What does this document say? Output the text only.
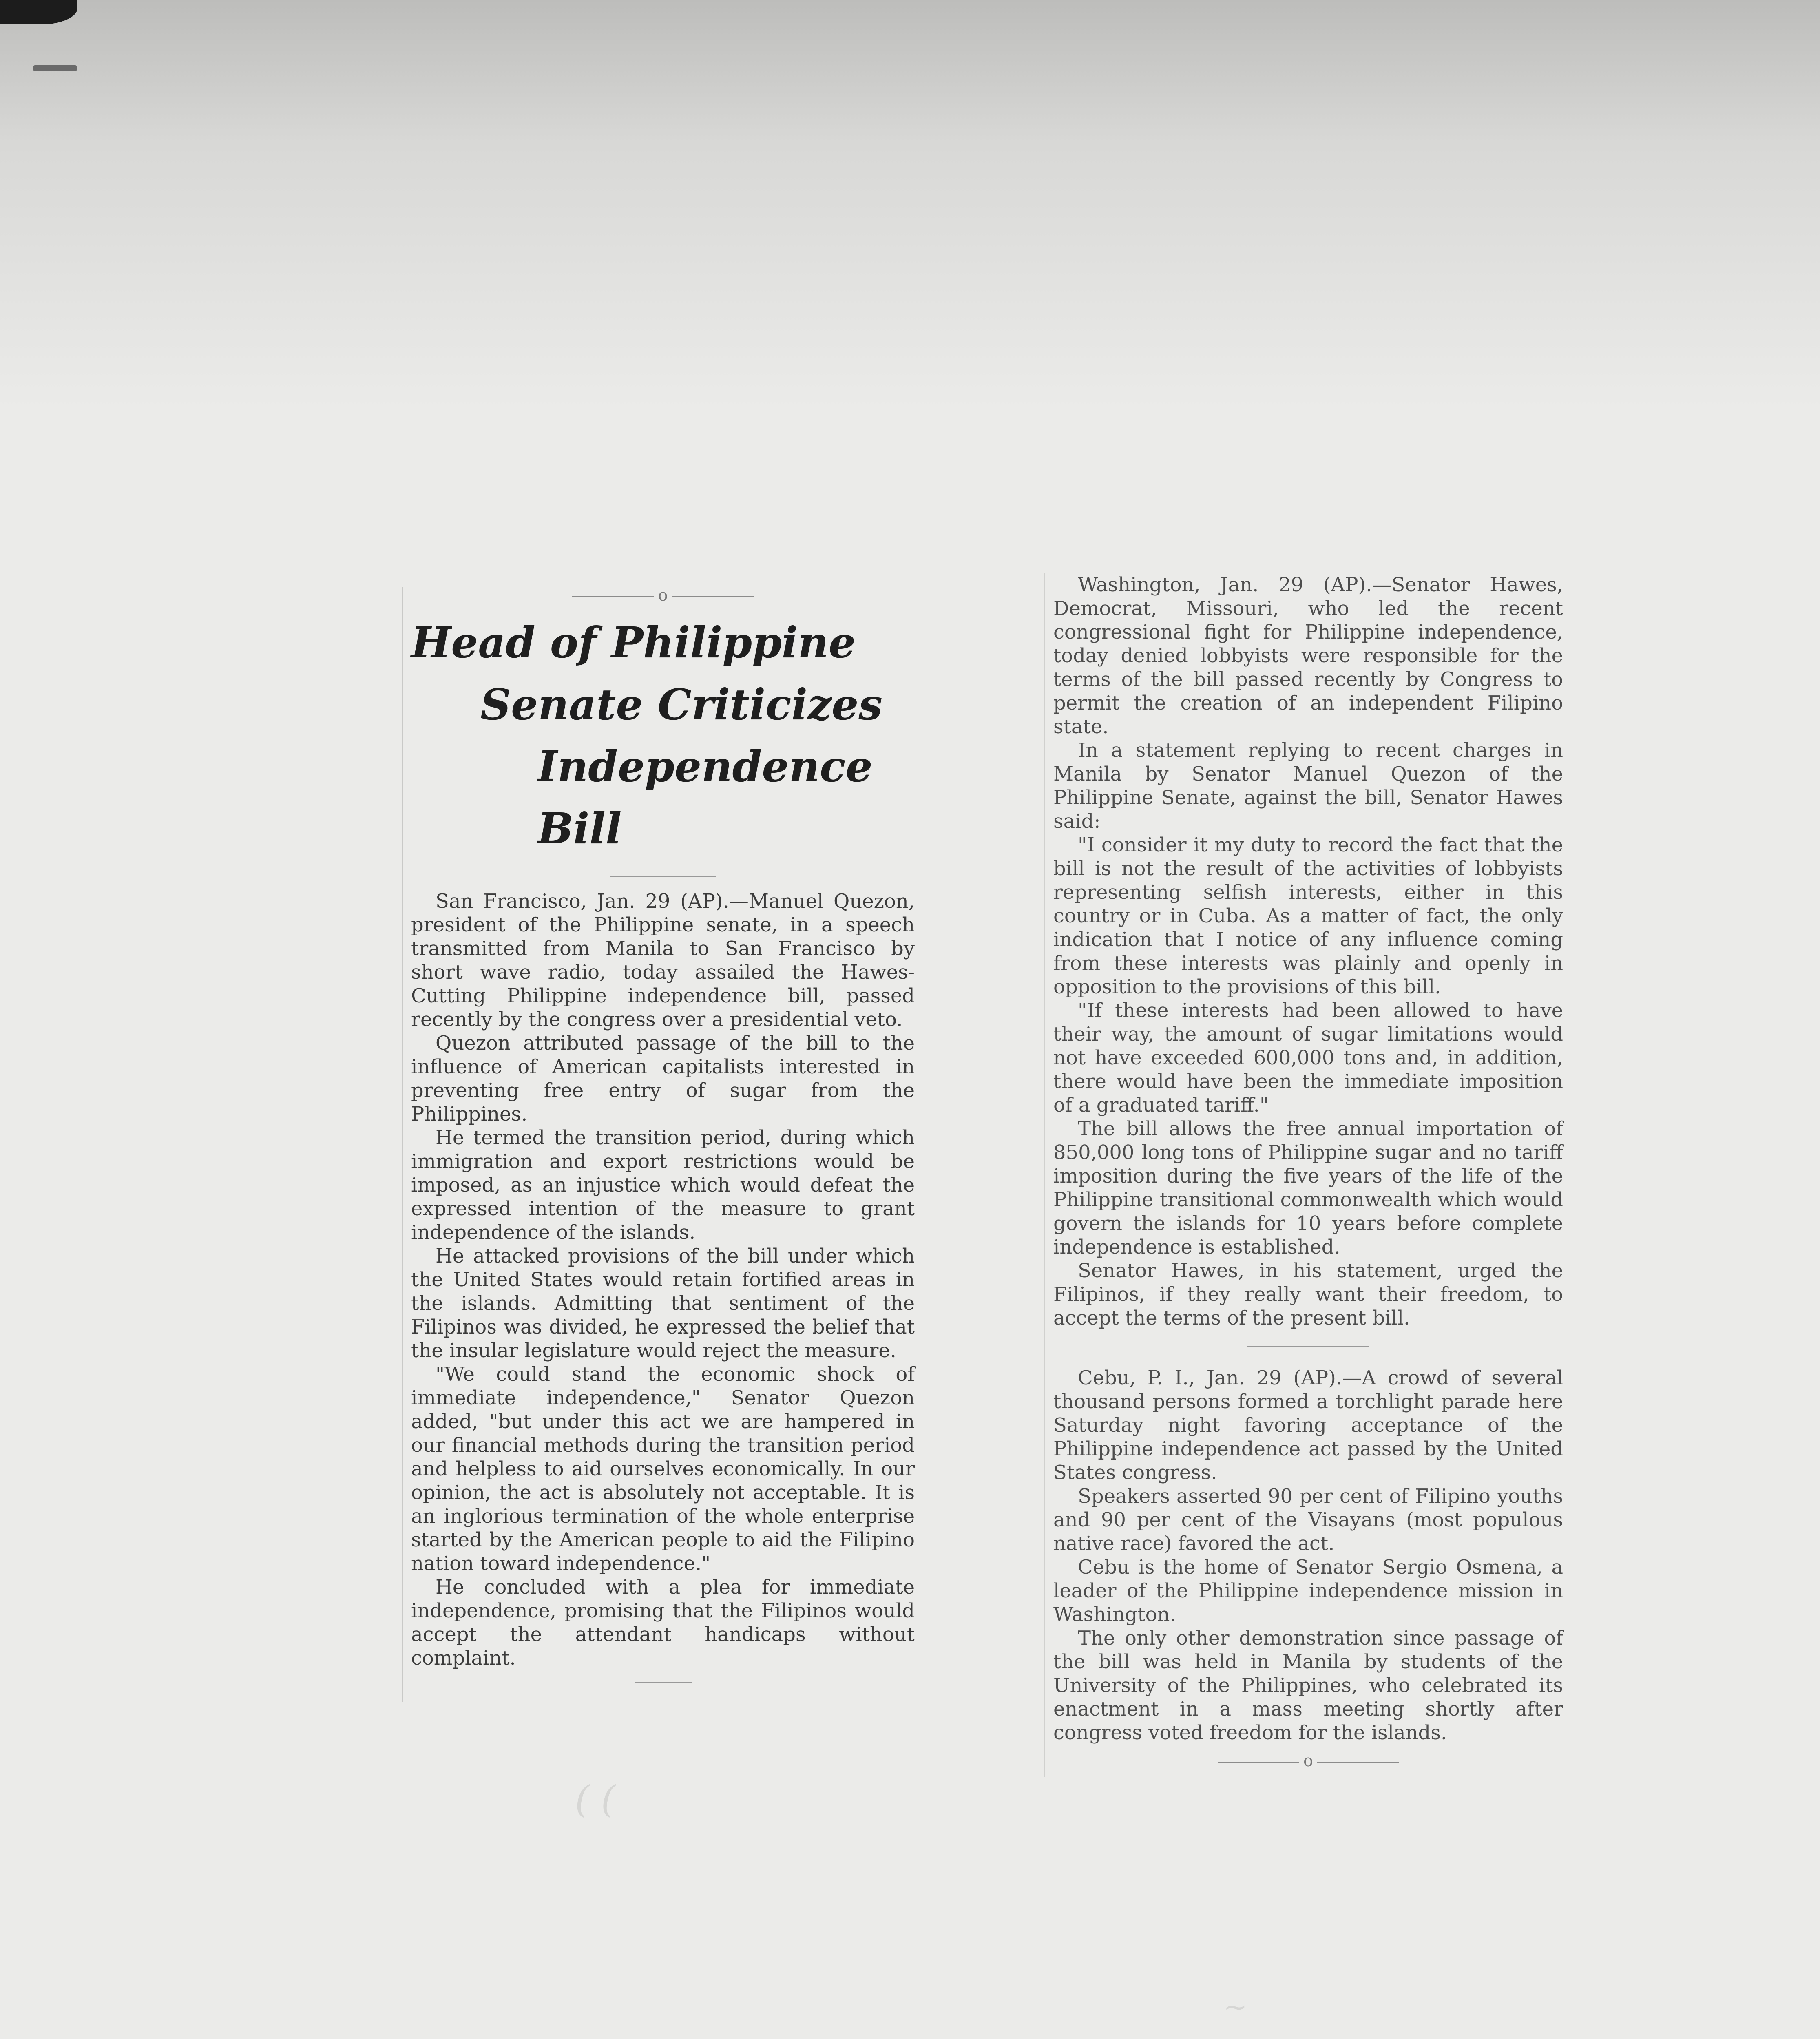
o
Head of Philippine
Senate Criticizes
Independence Bill

San Francisco, Jan. 29 (AP).—Manuel Quezon, president of the Philippine senate, in a speech transmitted from Manila to San Francisco by short wave radio, today assailed the Hawes-Cutting Philippine independence bill, passed recently by the congress over a presidential veto.

Quezon attributed passage of the bill to the influence of American capitalists interested in preventing free entry of sugar from the Philippines.

He termed the transition period, during which immigration and export restrictions would be imposed, as an injustice which would defeat the expressed intention of the measure to grant independence of the islands.

He attacked provisions of the bill under which the United States would retain fortified areas in the islands. Admitting that sentiment of the Filipinos was divided, he expressed the belief that the insular legislature would reject the measure.

"We could stand the economic shock of immediate independence," Senator Quezon added, "but under this act we are hampered in our financial methods during the transition period and helpless to aid ourselves economically. In our opinion, the act is absolutely not acceptable. It is an inglorious termination of the whole enterprise started by the American people to aid the Filipino nation toward independence."

He concluded with a plea for immediate independence, promising that the Filipinos would accept the attendant handicaps without complaint.

Washington, Jan. 29 (AP).—Senator Hawes, Democrat, Missouri, who led the recent congressional fight for Philippine independence, today denied lobbyists were responsible for the terms of the bill passed recently by Congress to permit the creation of an independent Filipino state.

In a statement replying to recent charges in Manila by Senator Manuel Quezon of the Philippine Senate, against the bill, Senator Hawes said:

"I consider it my duty to record the fact that the bill is not the result of the activities of lobbyists representing selfish interests, either in this country or in Cuba. As a matter of fact, the only indication that I notice of any influence coming from these interests was plainly and openly in opposition to the provisions of this bill.

"If these interests had been allowed to have their way, the amount of sugar limitations would not have exceeded 600,000 tons and, in addition, there would have been the immediate imposition of a graduated tariff."

The bill allows the free annual importation of 850,000 long tons of Philippine sugar and no tariff imposition during the five years of the life of the Philippine transitional commonwealth which would govern the islands for 10 years before complete independence is established.

Senator Hawes, in his statement, urged the Filipinos, if they really want their freedom, to accept the terms of the present bill.

Cebu, P. I., Jan. 29 (AP).—A crowd of several thousand persons formed a torchlight parade here Saturday night favoring acceptance of the Philippine independence act passed by the United States congress.

Speakers asserted 90 per cent of Filipino youths and 90 per cent of the Visayans (most populous native race) favored the act.

Cebu is the home of Senator Sergio Osmena, a leader of the Philippine independence mission in Washington.

The only other demonstration since passage of the bill was held in Manila by students of the University of the Philippines, who celebrated its enactment in a mass meeting shortly after congress voted freedom for the islands.

o
( (
~
